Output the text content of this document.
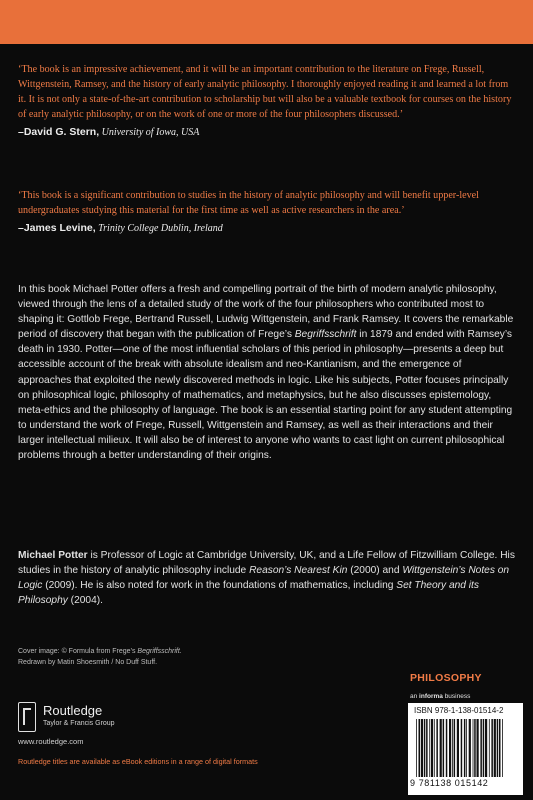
‘The book is an impressive achievement, and it will be an important contribution to the literature on Frege, Russell, Wittgenstein, Ramsey, and the history of early analytic philosophy. I thoroughly enjoyed reading it and learned a lot from it. It is not only a state-of-the-art contribution to scholarship but will also be a valuable textbook for courses on the history of early analytic philosophy, or on the work of one or more of the four philosophers discussed.’
–David G. Stern, University of Iowa, USA
‘This book is a significant contribution to studies in the history of analytic philosophy and will benefit upper-level undergraduates studying this material for the first time as well as active researchers in the area.’
–James Levine, Trinity College Dublin, Ireland
In this book Michael Potter offers a fresh and compelling portrait of the birth of modern analytic philosophy, viewed through the lens of a detailed study of the work of the four philosophers who contributed most to shaping it: Gottlob Frege, Bertrand Russell, Ludwig Wittgenstein, and Frank Ramsey. It covers the remarkable period of discovery that began with the publication of Frege’s Begriffsschrift in 1879 and ended with Ramsey’s death in 1930. Potter—one of the most influential scholars of this period in philosophy—presents a deep but accessible account of the break with absolute idealism and neo-Kantianism, and the emergence of approaches that exploited the newly discovered methods in logic. Like his subjects, Potter focuses principally on philosophical logic, philosophy of mathematics, and metaphysics, but he also discusses epistemology, meta-ethics and the philosophy of language. The book is an essential starting point for any student attempting to understand the work of Frege, Russell, Wittgenstein and Ramsey, as well as their interactions and their larger intellectual milieux. It will also be of interest to anyone who wants to cast light on current philosophical problems through a better understanding of their origins.
Michael Potter is Professor of Logic at Cambridge University, UK, and a Life Fellow of Fitzwilliam College. His studies in the history of analytic philosophy include Reason’s Nearest Kin (2000) and Wittgenstein’s Notes on Logic (2009). He is also noted for work in the foundations of mathematics, including Set Theory and its Philosophy (2004).
Cover image: © Formula from Frege’s Begriffsschrift.
Redrawn by Matin Shoesmith / No Duff Stuff.
Routledge
Taylor & Francis Group
www.routledge.com
Routledge titles are available as eBook editions in a range of digital formats
PHILOSOPHY
an informa business
ISBN 978-1-138-01514-2
9 781138 015142
